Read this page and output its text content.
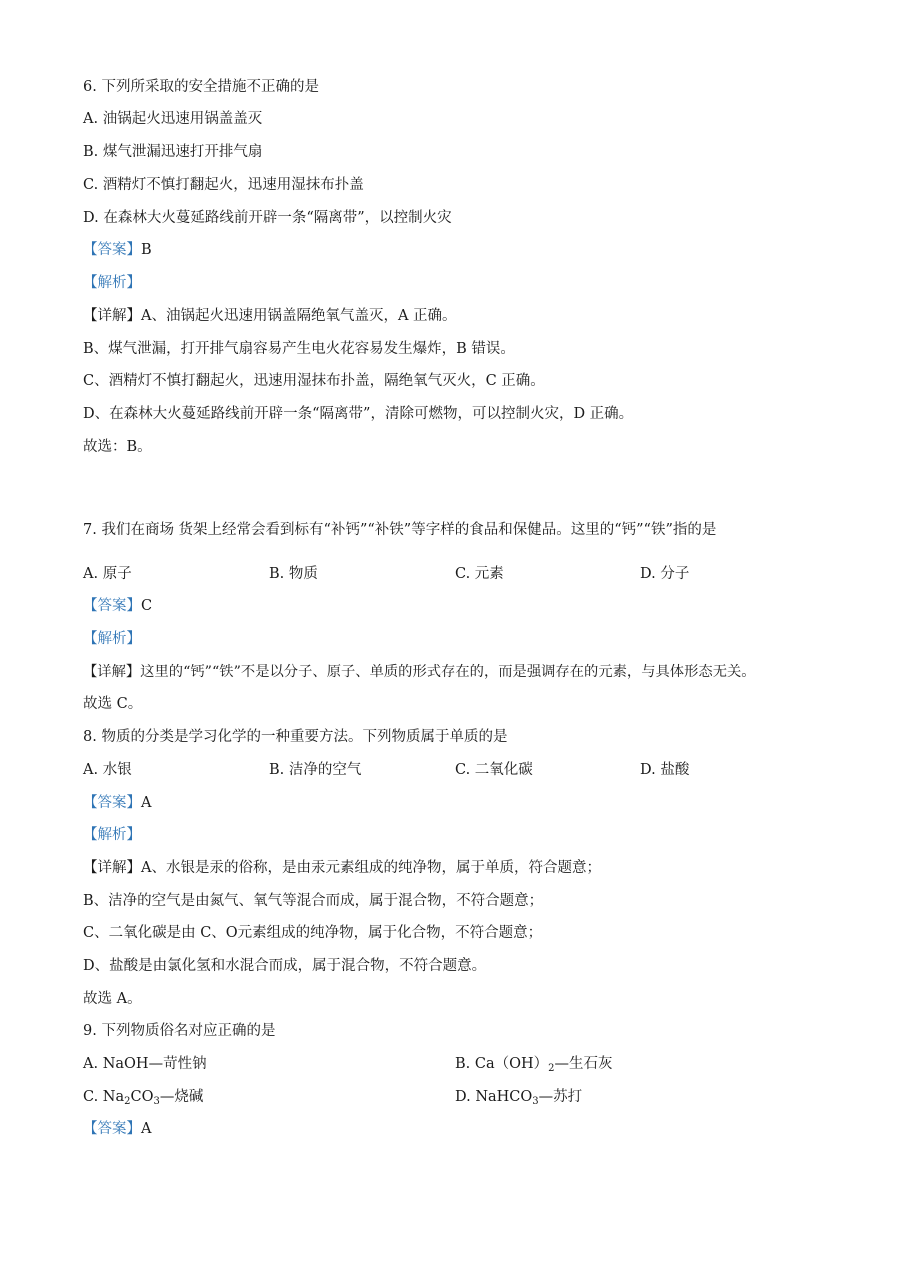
6. 下列所采取的安全措施不正确的是
A. 油锅起火迅速用锅盖盖灭
B. 煤气泄漏迅速打开排气扇
C. 酒精灯不慎打翻起火，迅速用湿抹布扑盖
D. 在森林大火蔓延路线前开辟一条“隔离带”，以控制火灾
【答案】B
【解析】
【详解】A、油锅起火迅速用锅盖隔绝氧气盖灭，A 正确。
B、煤气泄漏，打开排气扇容易产生电火花容易发生爆炸，B 错误。
C、酒精灯不慎打翻起火，迅速用湿抹布扑盖，隔绝氧气灭火，C 正确。
D、在森林大火蔓延路线前开辟一条“隔离带”，清除可燃物，可以控制火灾，D 正确。
故选：B。
7. 我们在商场 货架上经常会看到标有“补钙”“补铁”等字样的食品和保健品。这里的“钙”“铁”指的是
A. 原子	B. 物质	C. 元素	D. 分子
【答案】C
【解析】
【详解】这里的“钙”“铁”不是以分子、原子、单质的形式存在的，而是强调存在的元素，与具体形态无关。
故选 C。
8. 物质的分类是学习化学的一种重要方法。下列物质属于单质的是
A. 水银	B. 洁净的空气	C. 二氧化碳	D. 盐酸
【答案】A
【解析】
【详解】A、水银是汞的俗称，是由汞元素组成的纯净物，属于单质，符合题意；
B、洁净的空气是由氮气、氧气等混合而成，属于混合物，不符合题意；
C、二氧化碳是由 C、O元素组成的纯净物，属于化合物，不符合题意；
D、盐酸是由氯化氢和水混合而成，属于混合物，不符合题意。
故选 A。
9. 下列物质俗名对应正确的是
A. NaOH—苛性钠	B. $Ca(OH)_2—$生石灰
C. $Na_2CO_3—$烧碱	D. NaHCO$_3$—苏打
【答案】A
